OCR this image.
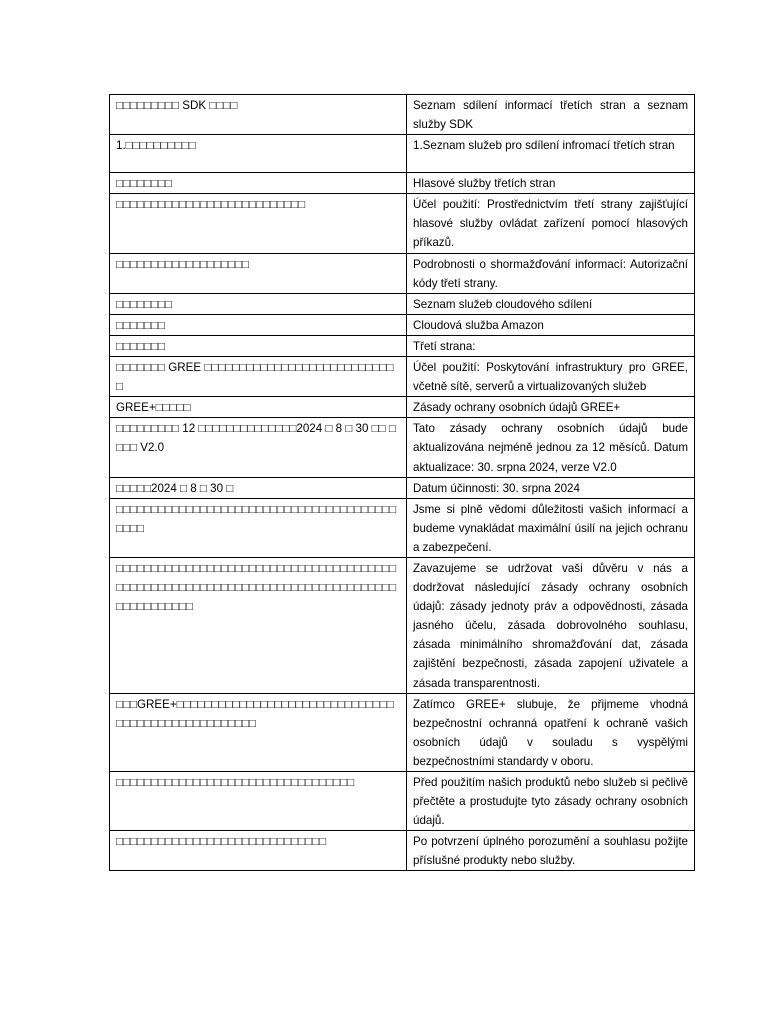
□□□□□□□□□ SDK □□□□	Seznam sdílení informací třetích stran a seznam služby SDK
1.□□□□□□□□□□	1.Seznam služeb pro sdílení infromací třetích stran
□□□□□□□□	Hlasové služby třetích stran
□□□□□□□□□□□□□□□□□□□□□□□□□□□	Účel použití: Prostřednictvím třetí strany zajišťující hlasové služby ovládat zařízení pomocí hlasových příkazů.
□□□□□□□□□□□□□□□□□□□	Podrobnosti o shormažďování informací: Autorizační kódy třetí strany.
□□□□□□□□	Seznam služeb cloudového sdílení
□□□□□□□	Cloudová služba Amazon
□□□□□□□	Třetí strana:
□□□□□□□ GREE □□□□□□□□□□□□□□□□□□□□□□□□□□□□	Účel použití: Poskytování infrastruktury pro GREE, včetně sítě, serverů a virtualizovaných služeb
GREE+□□□□□	Zásady ochrany osobních údajů GREE+
□□□□□□□□□ 12 □□□□□□□□□□□□□□2024 □ 8 □ 30 □□ □□□□ V2.0	Tato zásady ochrany osobních údajů bude aktualizována nejméně jednou za 12 měsíců. Datum aktualizace: 30. srpna 2024, verze V2.0
□□□□□2024 □ 8 □ 30 □	Datum účinnosti: 30. srpna 2024
□□□□□□□□□□□□□□□□□□□□□□□□□□□□□□□□□□□□□□□□□□□□	Jsme si plně vědomi důležitosti vašich informací a budeme vynakládat maximální úsilí na jejich ochranu a zabezpečení.
□□□□□□□□□□□□□□□□□□□□□□□□□□□□□□□□□□□□□□□□□□□□□□□□□□□□□□□□□□□□□□□□□□□□□□□□□□□□□□□□□□□□□□□□□□□	Zavazujeme se udržovat vaši důvěru v nás a dodržovat následující zásady ochrany osobních údajů: zásady jednoty práv a odpovědnosti, zásada jasného účelu, zásada dobrovolného souhlasu, zásada minimálního shromažďování dat, zásada zajištění bezpečnosti, zásada zapojení uživatele a zásada transparentnosti.
□□□GREE+□□□□□□□□□□□□□□□□□□□□□□□□□□□□□□□□□□□□□□□□□□□□□□□□□□□	Zatímco GREE+ slubuje, že přijmeme vhodná bezpečnostní ochranná opatření k ochraně vašich osobních údajů v souladu s vyspělými bezpečnostními standardy v oboru.
□□□□□□□□□□□□□□□□□□□□□□□□□□□□□□□□□□	Před použitím našich produktů nebo služeb si pečlivě přečtěte a prostudujte tyto zásady ochrany osobních údajů.
□□□□□□□□□□□□□□□□□□□□□□□□□□□□□□	Po potvrzení úplného porozumění a souhlasu požijte příslušné produkty nebo služby.
